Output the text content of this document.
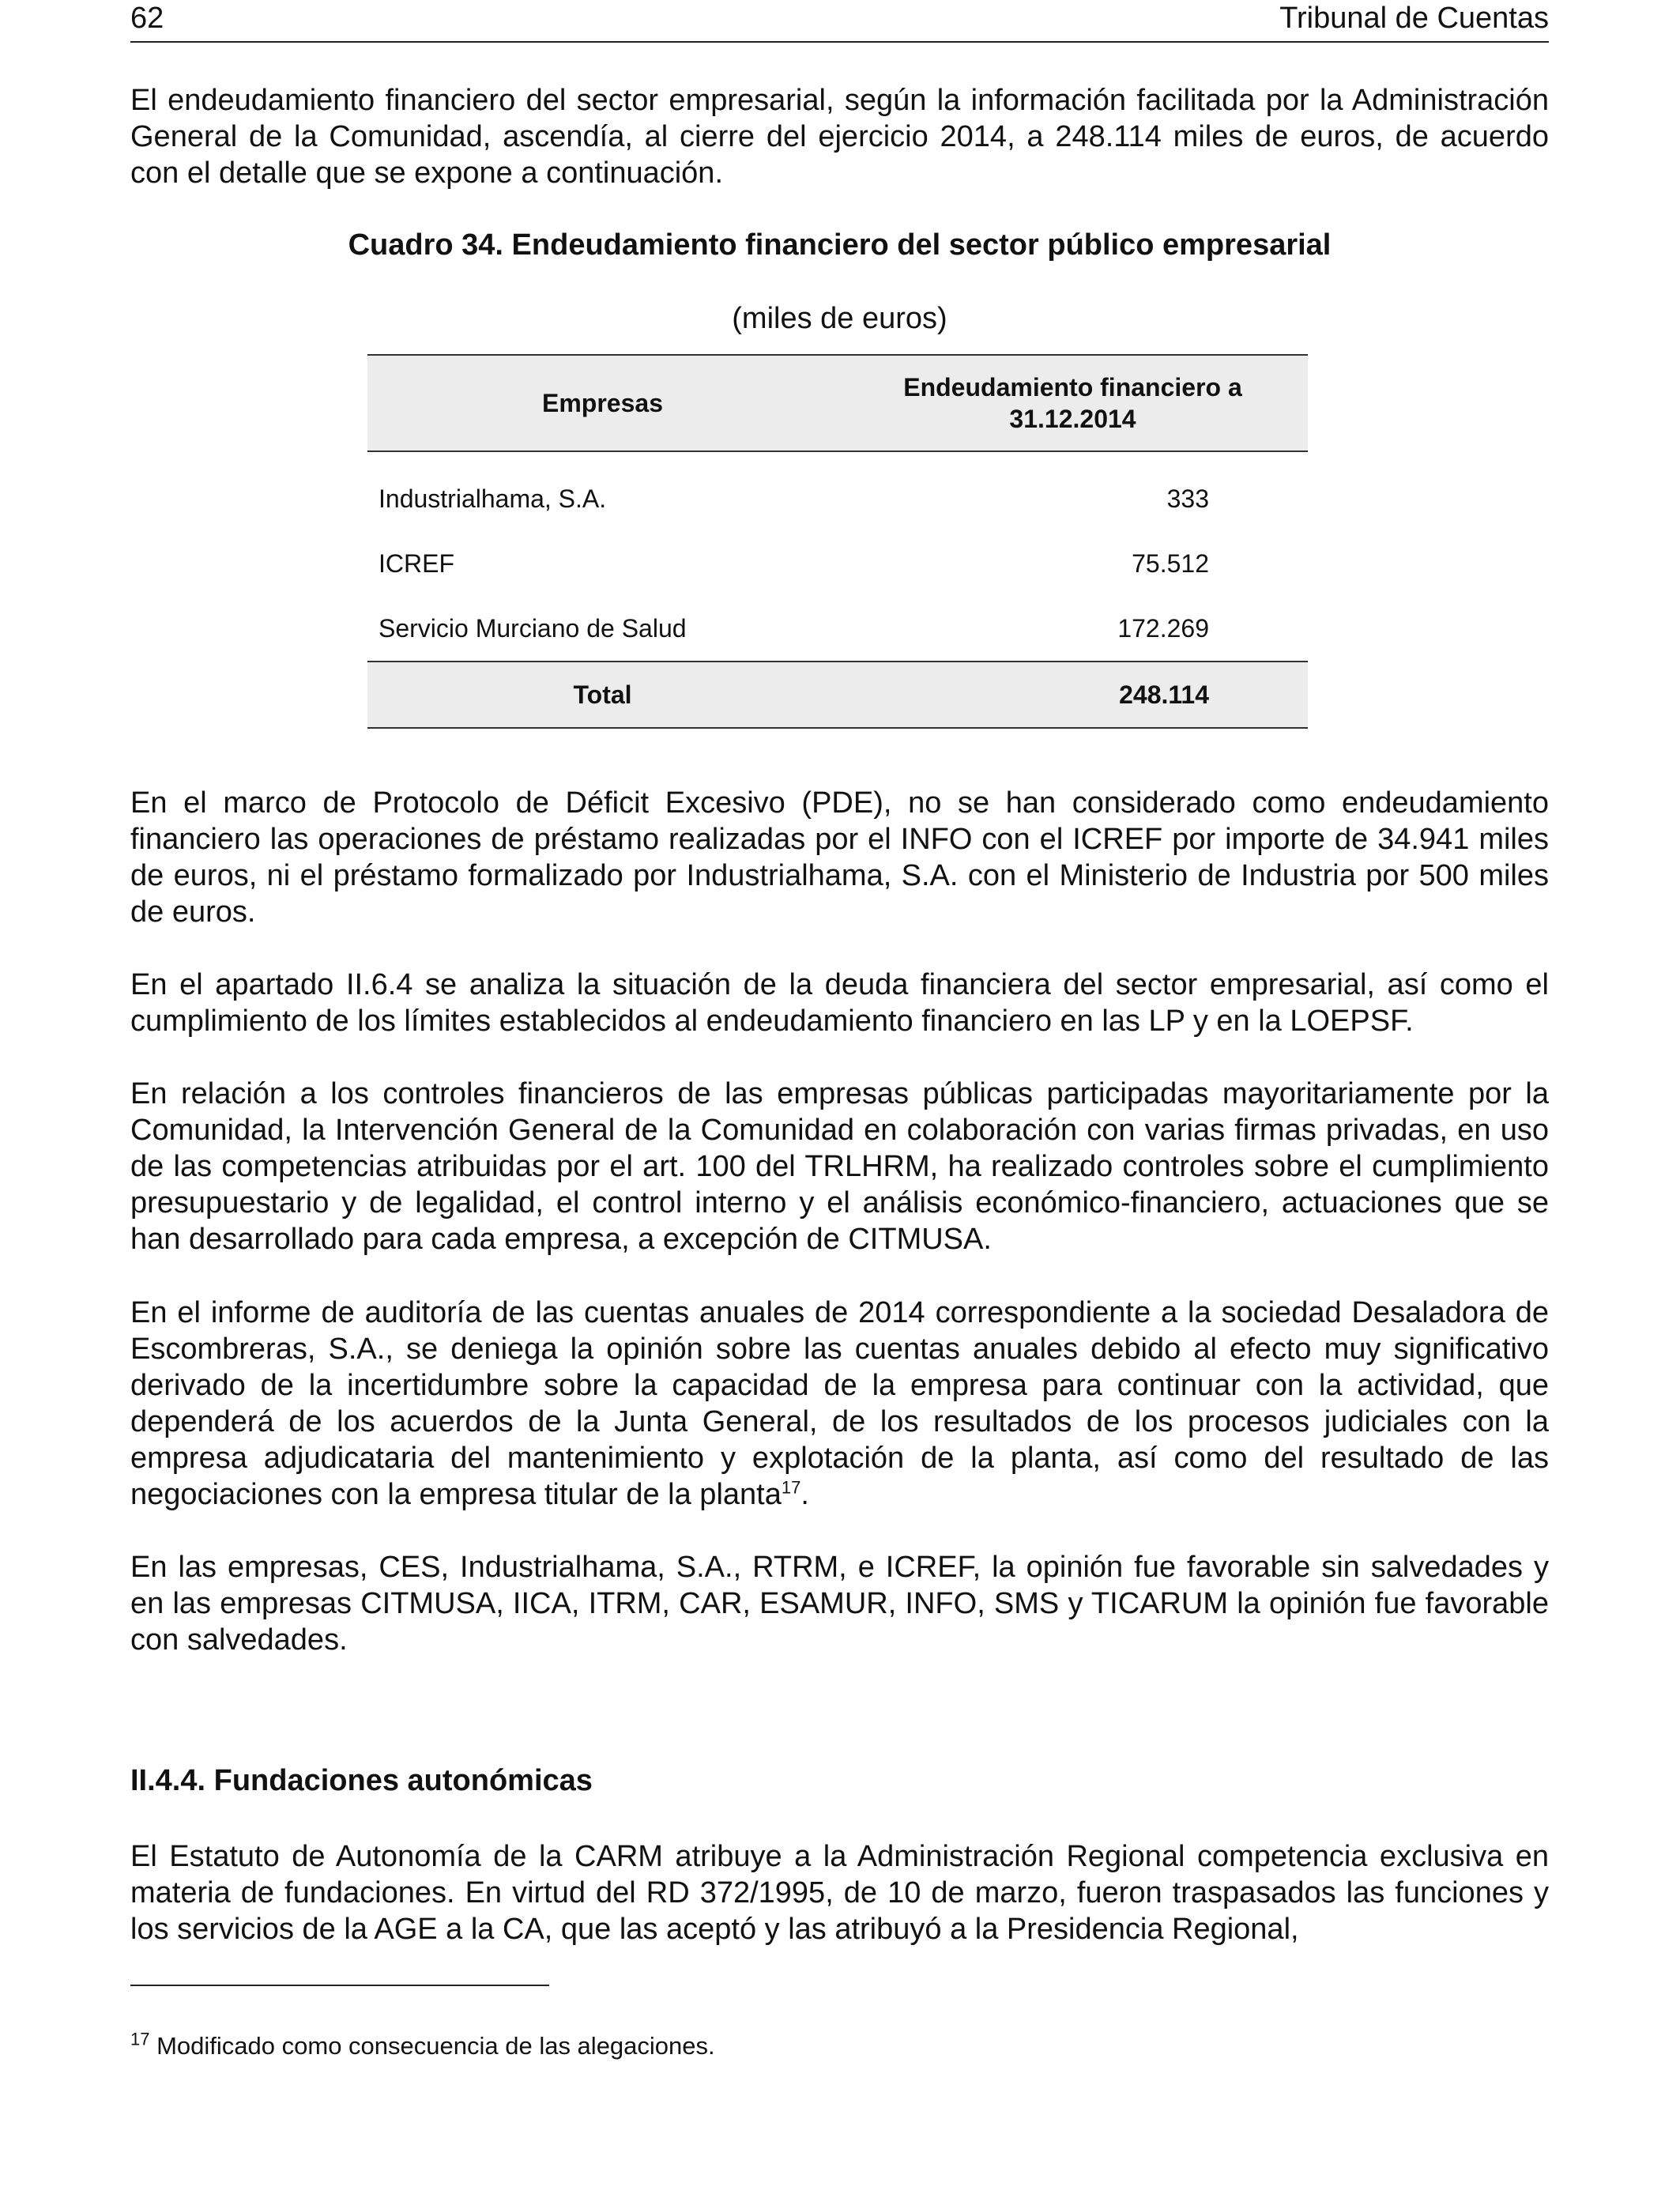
62	Tribunal de Cuentas

El endeudamiento financiero del sector empresarial, según la información facilitada por la Administración General de la Comunidad, ascendía, al cierre del ejercicio 2014, a 248.114 miles de euros, de acuerdo con el detalle que se expone a continuación.

Cuadro 34. Endeudamiento financiero del sector público empresarial
(miles de euros)
Empresas	Endeudamiento financiero a 31.12.2014
Industrialhama, S.A.	333
ICREF	75.512
Servicio Murciano de Salud	172.269
Total	248.114

En el marco de Protocolo de Déficit Excesivo (PDE), no se han considerado como endeudamiento financiero las operaciones de préstamo realizadas por el INFO con el ICREF por importe de 34.941 miles de euros, ni el préstamo formalizado por Industrialhama, S.A. con el Ministerio de Industria por 500 miles de euros.

En el apartado II.6.4 se analiza la situación de la deuda financiera del sector empresarial, así como el cumplimiento de los límites establecidos al endeudamiento financiero en las LP y en la LOEPSF.

En relación a los controles financieros de las empresas públicas participadas mayoritariamente por la Comunidad, la Intervención General de la Comunidad en colaboración con varias firmas privadas, en uso de las competencias atribuidas por el art. 100 del TRLHRM, ha realizado controles sobre el cumplimiento presupuestario y de legalidad, el control interno y el análisis económico-financiero, actuaciones que se han desarrollado para cada empresa, a excepción de CITMUSA.

En el informe de auditoría de las cuentas anuales de 2014 correspondiente a la sociedad Desaladora de Escombreras, S.A., se deniega la opinión sobre las cuentas anuales debido al efecto muy significativo derivado de la incertidumbre sobre la capacidad de la empresa para continuar con la actividad, que dependerá de los acuerdos de la Junta General, de los resultados de los procesos judiciales con la empresa adjudicataria del mantenimiento y explotación de la planta, así como del resultado de las negociaciones con la empresa titular de la planta$^{17}$.

En las empresas, CES, Industrialhama, S.A., RTRM, e ICREF, la opinión fue favorable sin salvedades y en las empresas CITMUSA, IICA, ITRM, CAR, ESAMUR, INFO, SMS y TICARUM la opinión fue favorable con salvedades.

II.4.4. Fundaciones autonómicas

El Estatuto de Autonomía de la CARM atribuye a la Administración Regional competencia exclusiva en materia de fundaciones. En virtud del RD 372/1995, de 10 de marzo, fueron traspasados las funciones y los servicios de la AGE a la CA, que las aceptó y las atribuyó a la Presidencia Regional,

$^{17}$ Modificado como consecuencia de las alegaciones.
